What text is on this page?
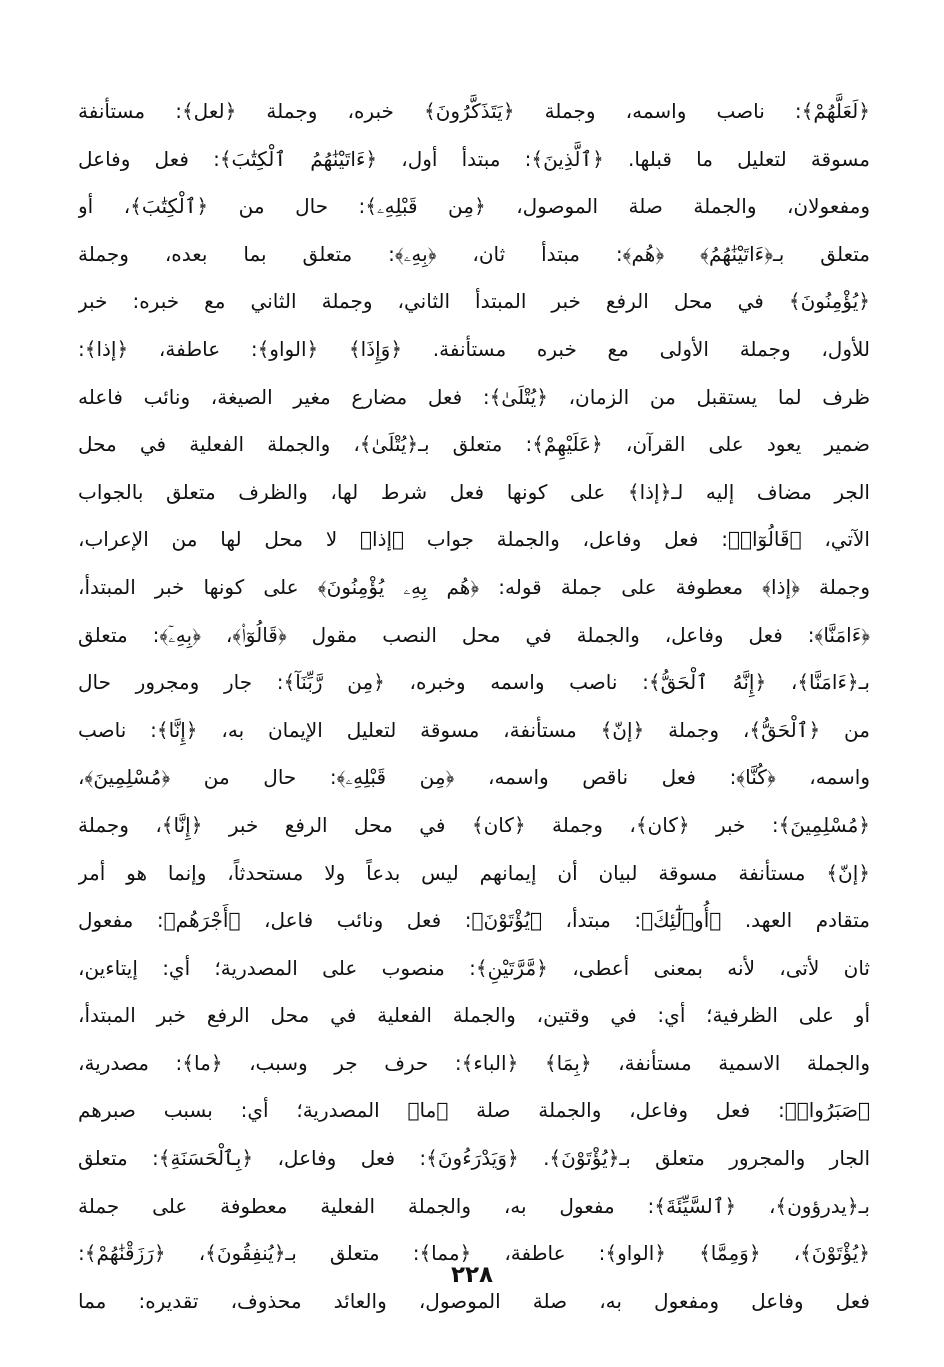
﴿لَعَلَّهُمْ﴾: ناصب واسمه، وجملة ﴿يَتَذَكَّرُونَ﴾ خبره، وجملة ﴿لعل﴾: مستأنفة
مسوقة لتعليل ما قبلها. ﴿ٱلَّذِينَ﴾: مبتدأ أول، ﴿ءَاتَيْنَٰهُمُ ٱلْكِتَٰبَ﴾: فعل وفاعل
ومفعولان، والجملة صلة الموصول، ﴿مِن قَبْلِهِۦ﴾: حال من ﴿ٱلْكِتَٰبَ﴾، أو
متعلق بـ﴿ءَاتَيْنَٰهُمُ﴾ ﴿هُم﴾: مبتدأ ثان، ﴿بِهِۦ﴾: متعلق بما بعده، وجملة
﴿يُؤْمِنُونَ﴾ في محل الرفع خبر المبتدأ الثاني، وجملة الثاني مع خبره: خبر
للأول، وجملة الأولى مع خبره مستأنفة. ﴿وَإِذَا﴾ ﴿الواو﴾: عاطفة، ﴿إذا﴾:
ظرف لما يستقبل من الزمان، ﴿يُتْلَىٰ﴾: فعل مضارع مغير الصيغة، ونائب فاعله
ضمير يعود على القرآن، ﴿عَلَيْهِمْ﴾: متعلق بـ﴿يُتْلَىٰ﴾، والجملة الفعلية في محل
الجر مضاف إليه لـ﴿إذا﴾ على كونها فعل شرط لها، والظرف متعلق بالجواب
الآتي، ﴿قَالُوٓا۟﴾: فعل وفاعل، والجملة جواب ﴿إذا﴾ لا محل لها من الإعراب،
وجملة ﴿إذا﴾ معطوفة على جملة قوله: ﴿هُم بِهِۦ يُؤْمِنُونَ﴾ على كونها خبر المبتدأ،
﴿ءَامَنَّا﴾: فعل وفاعل، والجملة في محل النصب مقول ﴿قَالُوٓا۟﴾، ﴿بِهِۦٓ﴾: متعلق
بـ﴿ءَامَنَّا﴾، ﴿إِنَّهُ ٱلْحَقُّ﴾: ناصب واسمه وخبره، ﴿مِن رَّبِّنَآ﴾: جار ومجرور حال
من ﴿ٱلْحَقُّ﴾، وجملة ﴿إنّ﴾ مستأنفة، مسوقة لتعليل الإيمان به، ﴿إِنَّا﴾: ناصب
واسمه، ﴿كُنَّا﴾: فعل ناقص واسمه، ﴿مِن قَبْلِهِۦ﴾: حال من ﴿مُسْلِمِينَ﴾،
﴿مُسْلِمِينَ﴾: خبر ﴿كان﴾، وجملة ﴿كان﴾ في محل الرفع خبر ﴿إِنَّا﴾، وجملة
﴿إنّ﴾ مستأنفة مسوقة لبيان أن إيمانهم ليس بدعاً ولا مستحدثاً، وإنما هو أمر
متقادم العهد. ﴿أُو۟لَٰٓئِكَ﴾: مبتدأ، ﴿يُؤْتَوْنَ﴾: فعل ونائب فاعل، ﴿أَجْرَهُم﴾: مفعول
ثان لأتى، لأنه بمعنى أعطى، ﴿مَّرَّتَيْنِ﴾: منصوب على المصدرية؛ أي: إيتاءين،
أو على الظرفية؛ أي: في وقتين، والجملة الفعلية في محل الرفع خبر المبتدأ،
والجملة الاسمية مستأنفة، ﴿بِمَا﴾ ﴿الباء﴾: حرف جر وسبب، ﴿ما﴾: مصدرية،
﴿صَبَرُوا۟﴾: فعل وفاعل، والجملة صلة ﴿ما﴾ المصدرية؛ أي: بسبب صبرهم
الجار والمجرور متعلق بـ﴿يُؤْتَوْنَ﴾. ﴿وَيَدْرَءُونَ﴾: فعل وفاعل، ﴿بِٱلْحَسَنَةِ﴾: متعلق
بـ﴿يدرؤون﴾، ﴿ٱلسَّيِّئَةَ﴾: مفعول به، والجملة الفعلية معطوفة على جملة
﴿يُؤْتَوْنَ﴾، ﴿وَمِمَّا﴾ ﴿الواو﴾: عاطفة، ﴿مما﴾: متعلق بـ﴿يُنفِقُونَ﴾، ﴿رَزَقْنَٰهُمْ﴾:
فعل وفاعل ومفعول به، صلة الموصول، والعائد محذوف، تقديره: مما
٢٢٨
